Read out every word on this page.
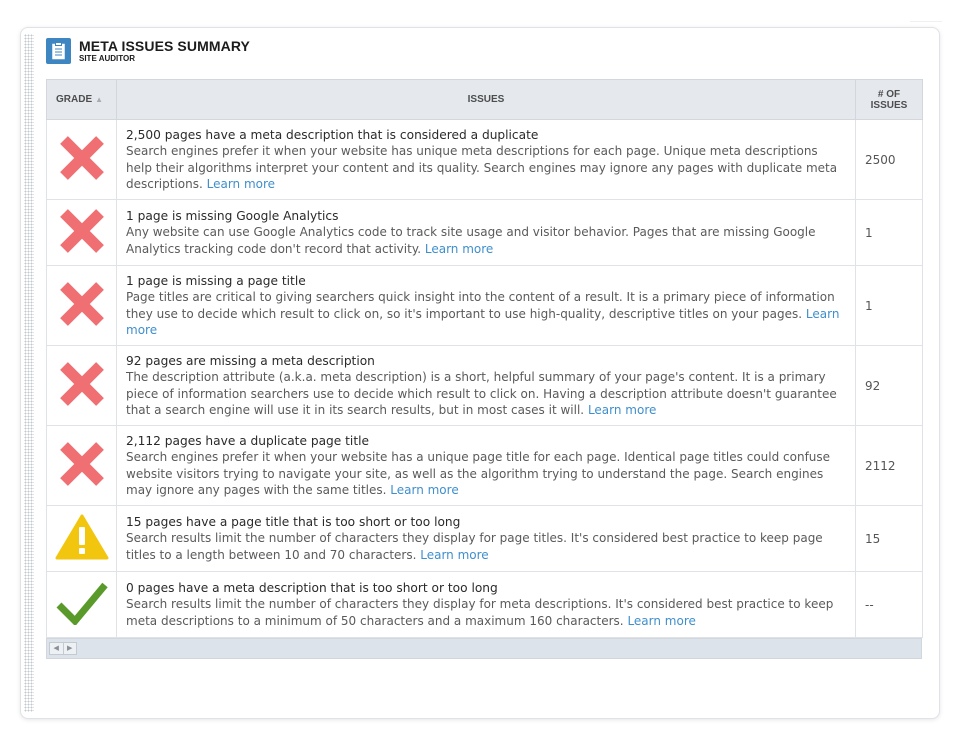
META ISSUES SUMMARY
SITE AUDITOR
GRADE ▲	ISSUES	# OF
ISSUES

2,500 pages have a meta description that is considered a duplicate
Search engines prefer it when your website has unique meta descriptions for each page. Unique meta descriptions help their algorithms interpret your content and its quality. Search engines may ignore any pages with duplicate meta descriptions. Learn more	2500

1 page is missing Google Analytics
Any website can use Google Analytics code to track site usage and visitor behavior. Pages that are missing Google Analytics tracking code don't record that activity. Learn more	1

1 page is missing a page title
Page titles are critical to giving searchers quick insight into the content of a result. It is a primary piece of information they use to decide which result to click on, so it's important to use high-quality, descriptive titles on your pages. Learn more	1

92 pages are missing a meta description
The description attribute (a.k.a. meta description) is a short, helpful summary of your page's content. It is a primary piece of information searchers use to decide which result to click on. Having a description attribute doesn't guarantee that a search engine will use it in its search results, but in most cases it will. Learn more	92

2,112 pages have a duplicate page title
Search engines prefer it when your website has a unique page title for each page. Identical page titles could confuse website visitors trying to navigate your site, as well as the algorithm trying to understand the page. Search engines may ignore any pages with the same titles. Learn more	2112

15 pages have a page title that is too short or too long
Search results limit the number of characters they display for page titles. It's considered best practice to keep page titles to a length between 10 and 70 characters. Learn more	15

0 pages have a meta description that is too short or too long
Search results limit the number of characters they display for meta descriptions. It's considered best practice to keep meta descriptions to a minimum of 50 characters and a maximum 160 characters. Learn more	--
◀	▶
